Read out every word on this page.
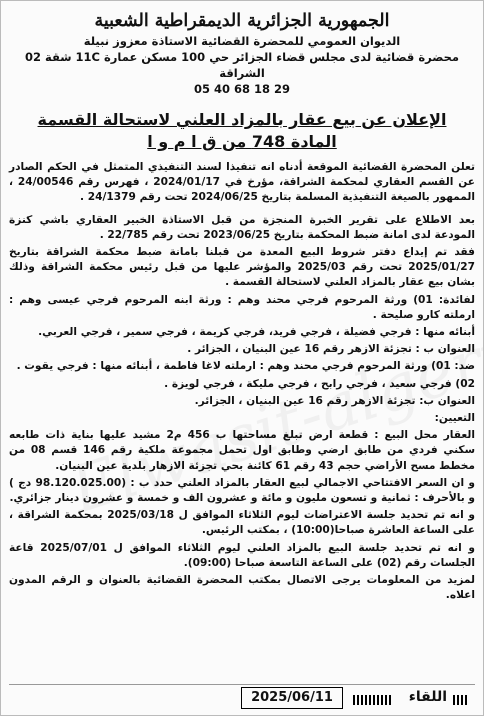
الجمهورية الجزائرية الديمقراطية الشعبية
الديوان العمومي للمحضرة القضائية الاستاذة معزوز نبيلة
محضرة قضائية لدى مجلس قضاء الجزائر حي 100 مسكن عمارة 11C شقة 02 الشراقة
05 40 68 18 29
الإعلان عن بيع عقار بالمزاد العلني لاستحالة القسمة
المادة 748 من ق ا م و ا

تعلن المحضرة القضائية الموقعة أدناه انه تنفيذا لسند التنفيذي المتمثل في الحكم الصادر عن القسم العقاري لمحكمة الشراقة، مؤرخ في 2024/01/17 ، فهرس رقم 24/00546 ، الممهور بالصيغة التنفيذية المسلمة بتاريخ 2024/06/25 تحت رقم 24/1379 .

بعد الاطلاع على تقرير الخبرة المنجزة من قبل الاستاذة الخبير العقاري باشي كنزة المودعة لدى امانة ضبط المحكمة بتاريخ 2023/06/25 تحت رقم 22/785 .

فقد تم إيداع دفتر شروط البيع المعدة من قبلنا بامانة ضبط محكمة الشراقة بتاريخ 2025/01/27 تحت رقم 2025/03 والمؤشر عليها من قبل رئيس محكمة الشراقة وذلك بشان بيع عقار بالمزاد العلني لاستحالة القسمة .

لفائدة: 01) ورثة المرحوم فرجي محند وهم : ورثة ابنه المرحوم فرجي عيسى وهم : ارملته كارو صليحة .

أبنائه منها : فرجي فضيلة ، فرجي فريد، فرجي كريمة ، فرجي سمير ، فرجي العربي.

العنوان ب : تجزئة الازهر رقم 16 عين البنيان ، الجزائر .

ضد: 01) ورثة المرحوم فرجي محند وهم : ارملته لاغا فاطمة ، أبنائه منها : فرجي يقوت .

02) فرجي سعيد ، فرجي رابح ، فرجي مليكة ، فرجي لويزة .

العنوان ب: تجزئة الازهر رقم 16 عين البنيان ، الجزائر.

التعيين:

العقار محل البيع : قطعة ارض تبلغ مساحتها ب 456 م2 مشيد عليها بناية ذات طابعه سكني فردي من طابق ارضي وطابق اول تحمل مجموعة ملكية رقم 146 قسم 08 من مخطط مسح الأراضي حجم 43 رقم 61 كائنة بحي تجزئة الازهار بلدية عين البنيان.

و ان السعر الافتتاحي الاجمالي لبيع العقار بالمزاد العلني حدد ب : (98.120.025.00 دج ) و بالأحرف : ثمانية و تسعون مليون و مائة و عشرون الف و خمسة و عشرون دينار جزائري.

و انه تم تحديد جلسة الاعتراضات ليوم الثلاثاء الموافق ل 2025/03/18 بمحكمة الشراقة ، على الساعة العاشرة صباحا(10:00) ، بمكتب الرئيس.

و انه تم تحديد جلسة البيع بالمزاد العلني ليوم الثلاثاء الموافق ل 2025/07/01 قاعة الجلسات رقم (02) على الساعة التاسعة صباحا (09:00).

لمزيد من المعلومات يرجى الاتصال بمكتب المحضرة القضائية بالعنوان و الرقم المدون اعلاه.

اللقاء
2025/06/11
